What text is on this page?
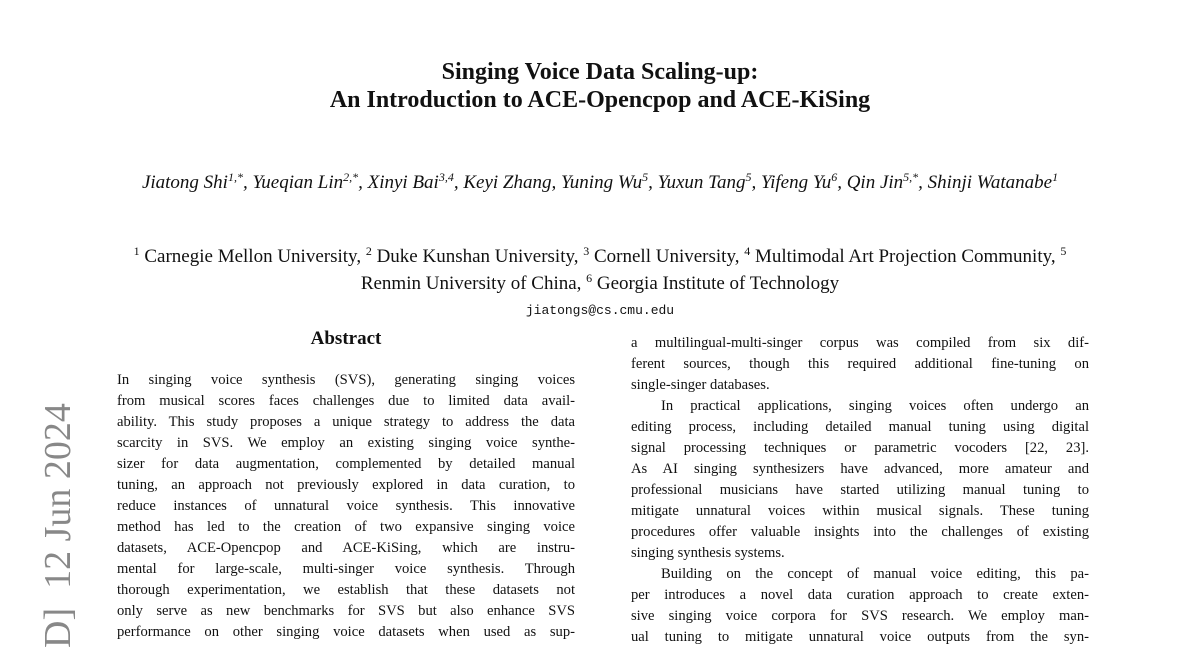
D]  12 Jun 2024
Singing Voice Data Scaling-up:
An Introduction to ACE-Opencpop and ACE-KiSing
Jiatong Shi$^{1,*}$, Yueqian Lin$^{2,*}$, Xinyi Bai$^{3,4}$, Keyi Zhang, Yuning Wu$^5$, Yuxun Tang$^5$, Yifeng Yu$^6$, Qin Jin$^{5,*}$, Shinji Watanabe$^1$
$^1$ Carnegie Mellon University, $^2$ Duke Kunshan University, $^3$ Cornell University, $^4$ Multimodal Art Projection Community, $^5$ Renmin University of China, $^6$ Georgia Institute of Technology
jiatongs@cs.cmu.edu
Abstract
In singing voice synthesis (SVS), generating singing voices
from musical scores faces challenges due to limited data avail-
ability. This study proposes a unique strategy to address the data
scarcity in SVS. We employ an existing singing voice synthe-
sizer for data augmentation, complemented by detailed manual
tuning, an approach not previously explored in data curation, to
reduce instances of unnatural voice synthesis. This innovative
method has led to the creation of two expansive singing voice
datasets, ACE-Opencpop and ACE-KiSing, which are instru-
mental for large-scale, multi-singer voice synthesis. Through
thorough experimentation, we establish that these datasets not
only serve as new benchmarks for SVS but also enhance SVS
performance on other singing voice datasets when used as sup-
a multilingual-multi-singer corpus was compiled from six dif-
ferent sources, though this required additional fine-tuning on
single-singer databases.
In practical applications, singing voices often undergo an
editing process, including detailed manual tuning using digital
signal processing techniques or parametric vocoders [22, 23].
As AI singing synthesizers have advanced, more amateur and
professional musicians have started utilizing manual tuning to
mitigate unnatural voices within musical signals. These tuning
procedures offer valuable insights into the challenges of existing
singing synthesis systems.
Building on the concept of manual voice editing, this pa-
per introduces a novel data curation approach to create exten-
sive singing voice corpora for SVS research. We employ man-
ual tuning to mitigate unnatural voice outputs from the syn-
